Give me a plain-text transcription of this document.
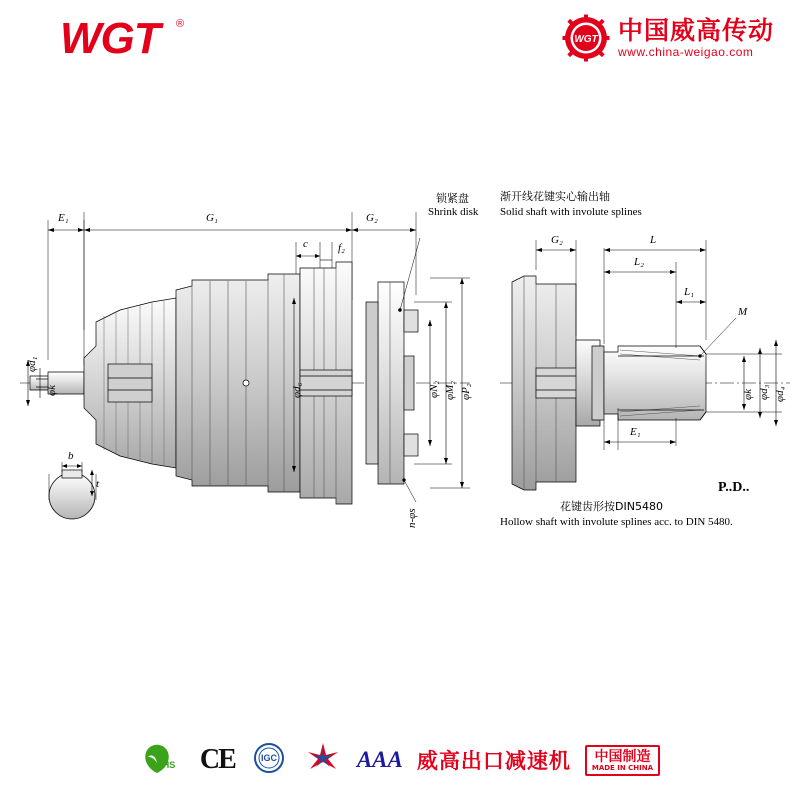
WGT ®
WGT 中国威高传动
www.china-weigao.com
锁紧盘
Shrink disk
渐开线花键实心输出轴
Solid shaft with involute splines
E₁	G₁	G₂
c	f₂
φd₁
φk	φd₆	φN₂ φM₂ φP₂
b
t
n-φs
G₂	L
L₂
L₁
M
φk φd₃ φd₄
E₁
P..D..
花键齿形按DIN5480
Hollow shaft with involute splines acc. to DIN 5480.
RoHS CE	IGC	AAA 威高出口减速机	中国制造
MADE IN CHINA
